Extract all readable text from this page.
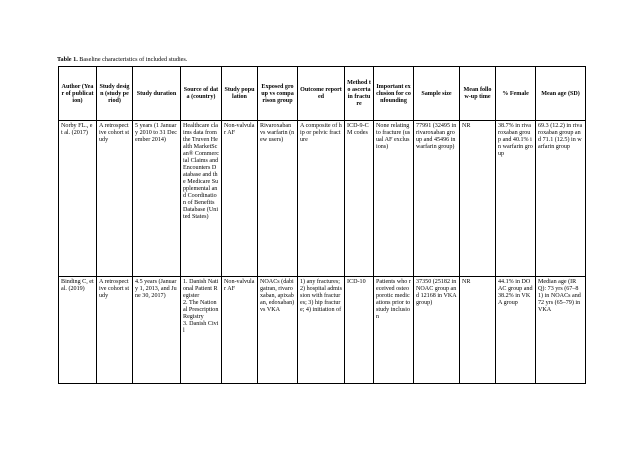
Table 1. Baseline characteristics of included studies.
Author (Year of publication)	Study design (study period)	Study duration	Source of data (country)	Study population	Exposed group vs comparison group	Outcome reported	Method to ascertain fracture	Important exclusion for confounding	Sample size	Mean follow-up time	% Female	Mean age (SD)
Norby FL., et al. (2017)	A retrospective cohort study	5 years (1 January 2010 to 31 December 2014)	Healthcare claims data from the Truven Health MarketScan® Commercial Claims and Encounters Database and the Medicare Supplemental and Coordination of Benefits Database (United States)	Non-valvular AF	Rivaroxaban vs warfarin (new users)	A composite of hip or pelvic fracture	ICD-9-CM codes	None relating to fracture (usual AF exclusions)	77991 (32495 in rivaroxaban group and 45496 in warfarin group)	NR	38.7% in rivaroxaban group and 40.1% in warfarin group	69.3 (12.2) in rivaroxaban group and 71.1 (12.5) in warfarin group
Binding C, et al. (2019)	A retrospective cohort study	4.5 years (January 1, 2013, and June 30, 2017)	1. Danish National Patient Register
2. The National Prescription Registry
3. Danish Civil	Non-valvular AF	NOACs (dabigatran, rivaroxaban, apixaban, edoxaban) vs VKA	1) any fractures; 2) hospital admission with fractures; 3) hip fracture; 4) initiation of	ICD-10	Patients who received osteoporotic medications prior to study inclusion	37350 (25182 in NOAC group and 12168 in VKA group)	NR	44.1% in DOAC group and 38.2% in VKA group	Median age (IRQ): 73 yrs (67–81) in NOACs and 72 yrs (65–79) in VKA
